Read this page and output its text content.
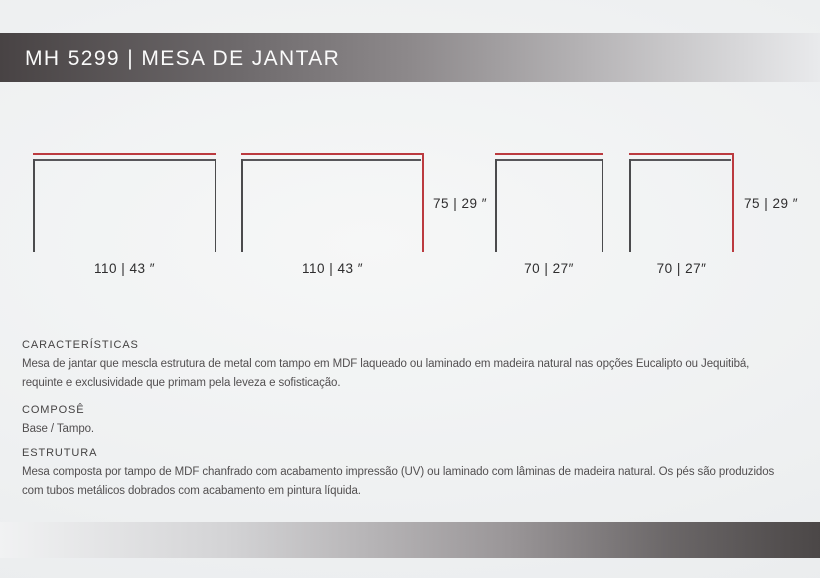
MH 5299 | MESA DE JANTAR
110 | 43 ″	110 | 43 ″
75 | 29 ″
70 | 27″	70 | 27″
75 | 29 ″
CARACTERÍSTICAS
Mesa de jantar que mescla estrutura de metal com tampo em MDF laqueado ou laminado em madeira natural nas opções Eucalipto ou Jequitibá, requinte e exclusividade que primam pela leveza e sofisticação.
COMPOSÊ
Base / Tampo.
ESTRUTURA
Mesa composta por tampo de MDF chanfrado com acabamento impressão (UV) ou laminado com lâminas de madeira natural. Os pés são produzidos com tubos metálicos dobrados com acabamento em pintura líquida.
